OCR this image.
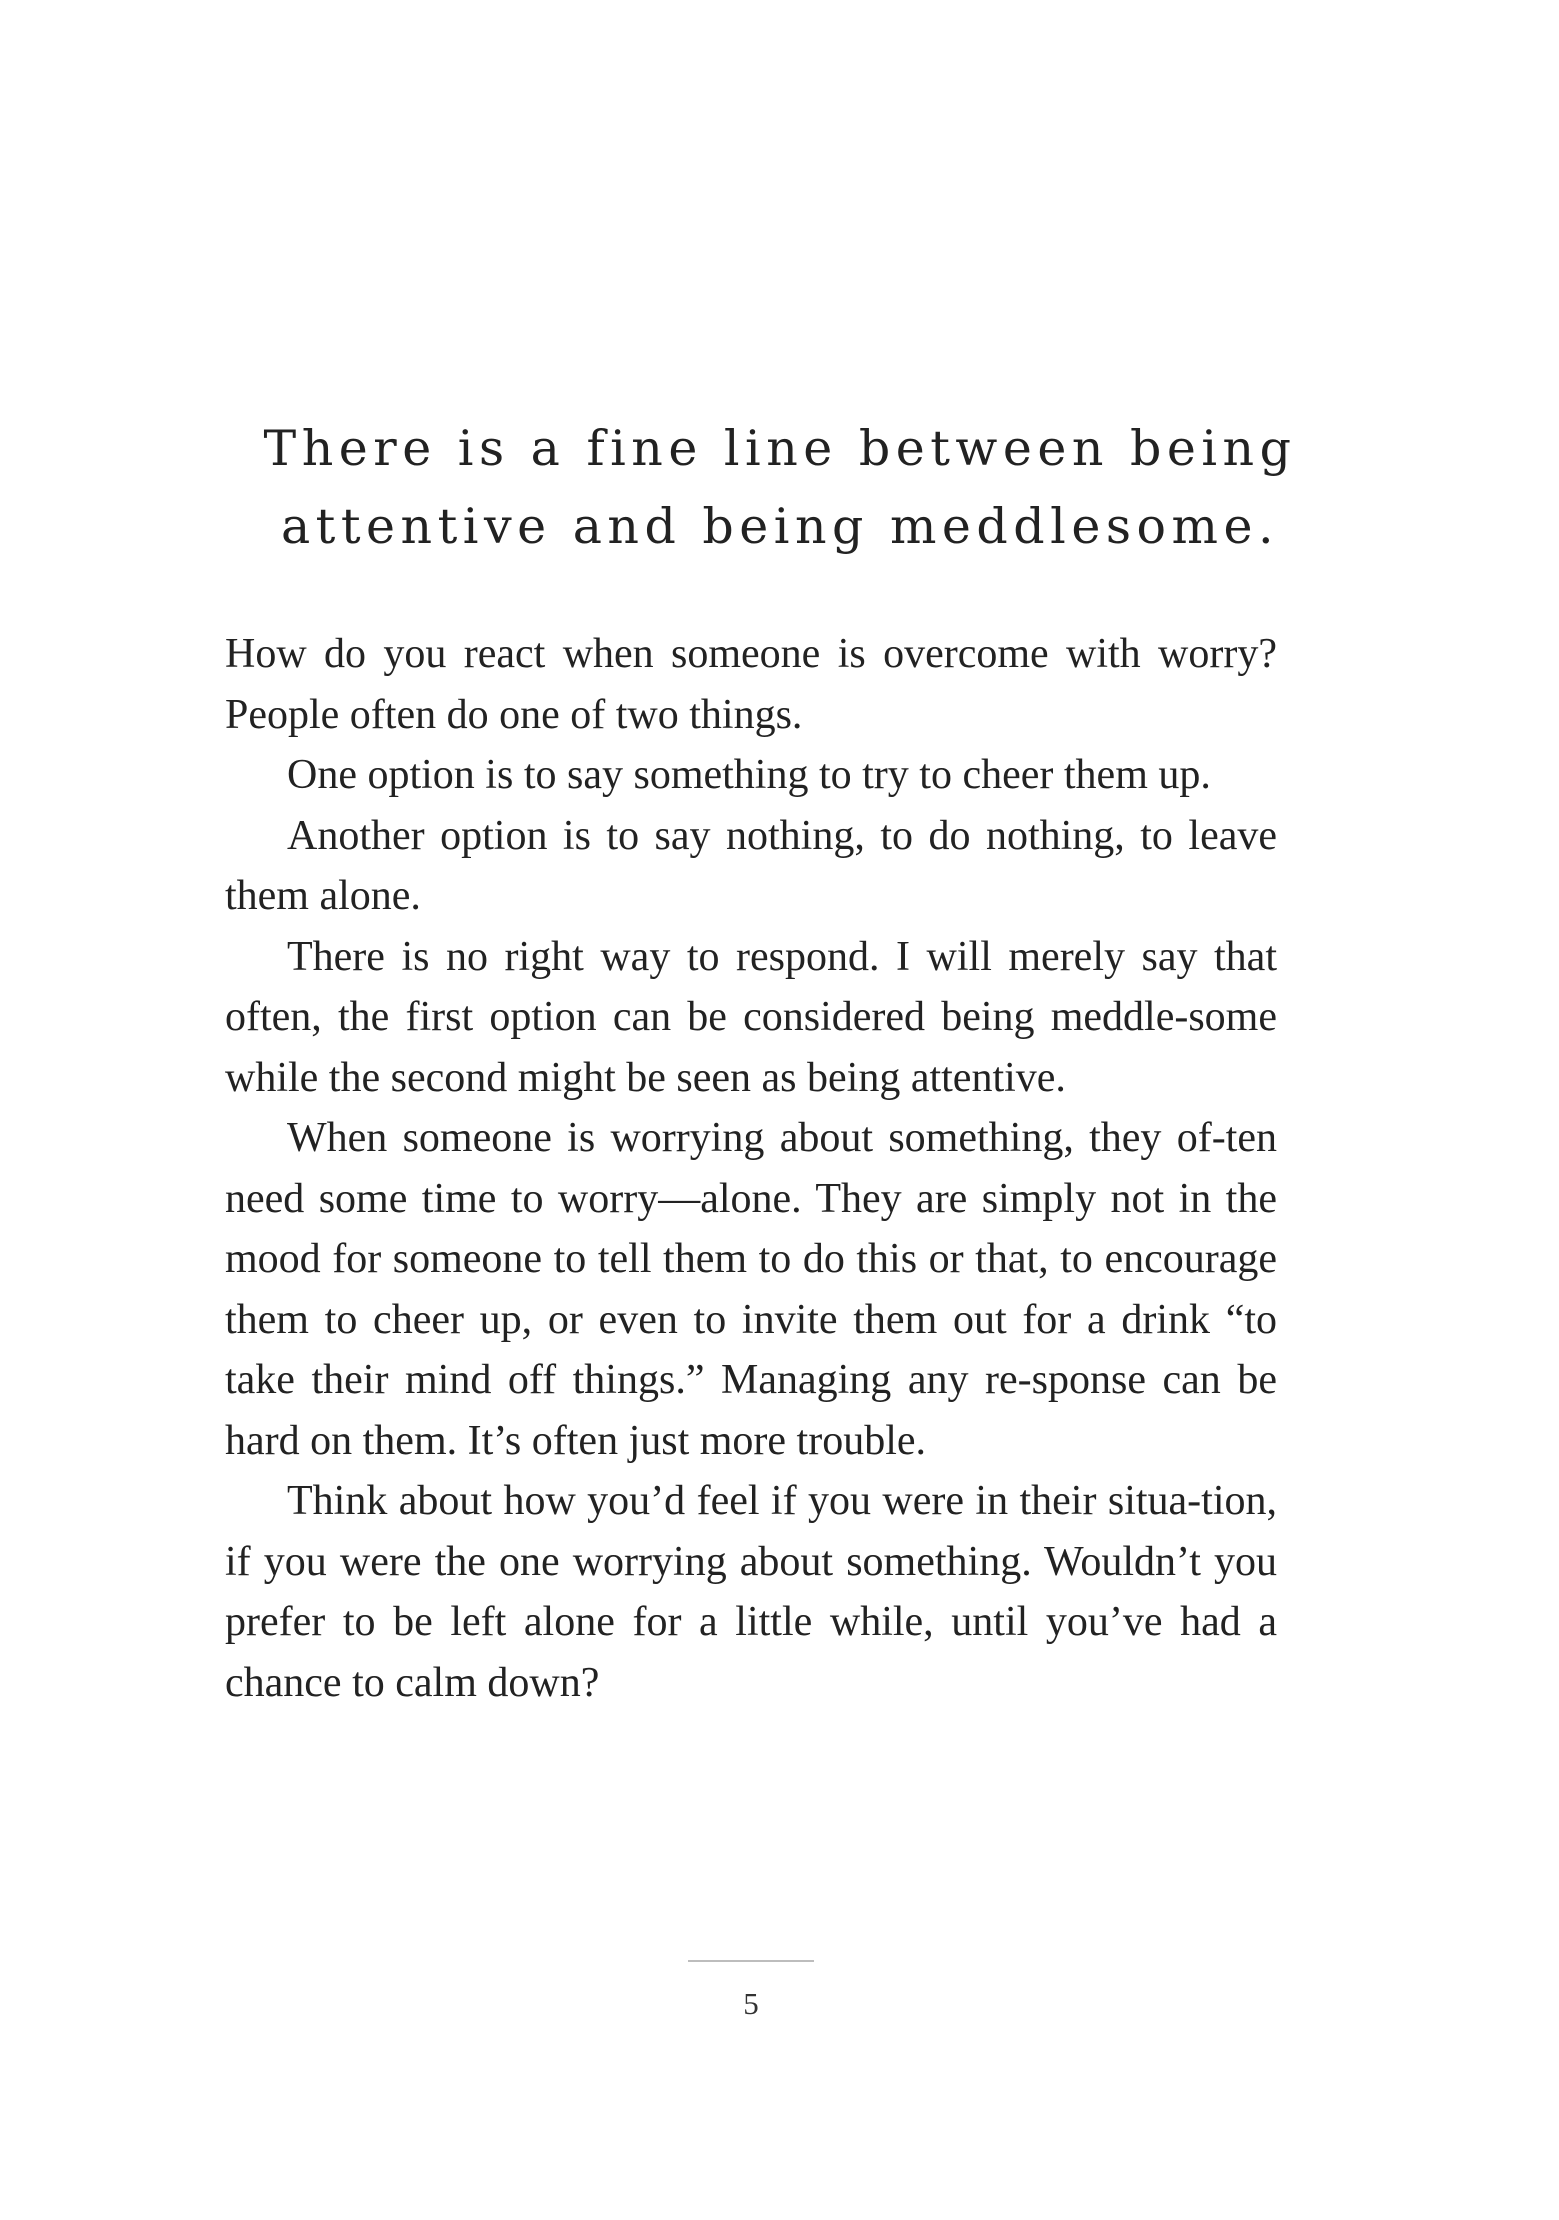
There is a fine line between being
attentive and being meddlesome.

How do you react when someone is overcome with worry? People often do one of two things.

One option is to say something to try to cheer them up.

Another option is to say nothing, to do nothing, to leave them alone.

There is no right way to respond. I will merely say that often, the first option can be considered being meddle-some while the second might be seen as being attentive.

When someone is worrying about something, they of-ten need some time to worry—alone. They are simply not in the mood for someone to tell them to do this or that, to encourage them to cheer up, or even to invite them out for a drink “to take their mind off things.” Managing any re-sponse can be hard on them. It’s often just more trouble.

Think about how you’d feel if you were in their situa-tion, if you were the one worrying about something. Wouldn’t you prefer to be left alone for a little while, until you’ve had a chance to calm down?

5
